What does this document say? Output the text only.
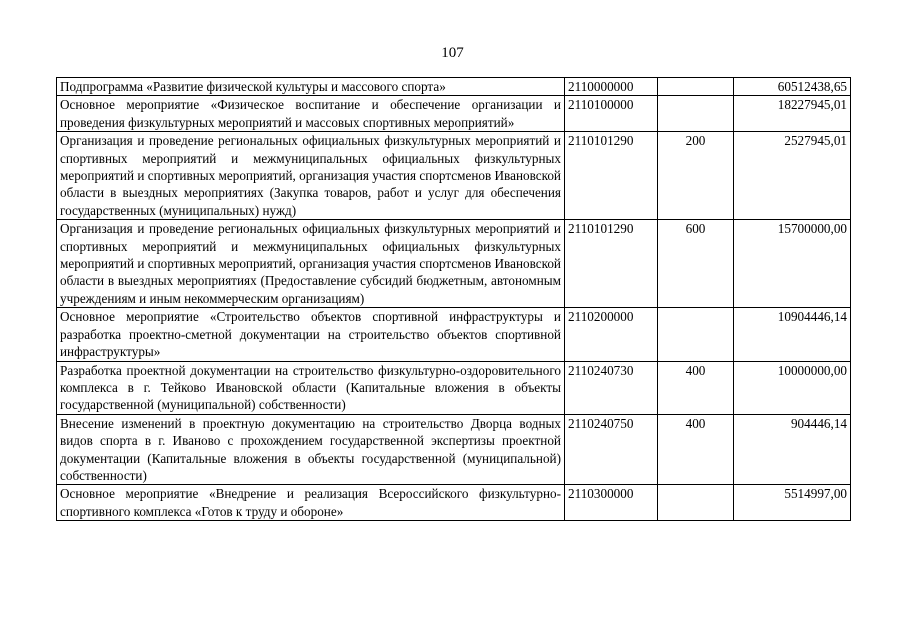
107
Подпрограмма «Развитие физической культуры и массового спорта»	2110000000		60512438,65
Основное мероприятие «Физическое воспитание и обеспечение организации и проведения физкультурных мероприятий и массовых спортивных мероприятий»	2110100000		18227945,01
Организация и проведение региональных официальных физкультурных мероприятий и спортивных мероприятий и межмуниципальных официальных физкультурных мероприятий и спортивных мероприятий, организация участия спортсменов Ивановской области в выездных мероприятиях (Закупка товаров, работ и услуг для обеспечения государственных (муниципальных) нужд)	2110101290	200	2527945,01
Организация и проведение региональных официальных физкультурных мероприятий и спортивных мероприятий и межмуниципальных официальных физкультурных мероприятий и спортивных мероприятий, организация участия спортсменов Ивановской области в выездных мероприятиях (Предоставление субсидий бюджетным, автономным учреждениям и иным некоммерческим организациям)	2110101290	600	15700000,00
Основное мероприятие «Строительство объектов спортивной инфраструктуры и разработка проектно-сметной документации на строительство объектов спортивной инфраструктуры»	2110200000		10904446,14
Разработка проектной документации на строительство физкультурно-оздоровительного комплекса в г. Тейково Ивановской области (Капитальные вложения в объекты государственной (муниципальной) собственности)	2110240730	400	10000000,00
Внесение изменений в проектную документацию на строительство Дворца водных видов спорта в г. Иваново с прохождением государственной экспертизы проектной документации (Капитальные вложения в объекты государственной (муниципальной) собственности)	2110240750	400	904446,14
Основное мероприятие «Внедрение и реализация Всероссийского физкультурно-спортивного комплекса «Готов к труду и обороне»	2110300000		5514997,00
